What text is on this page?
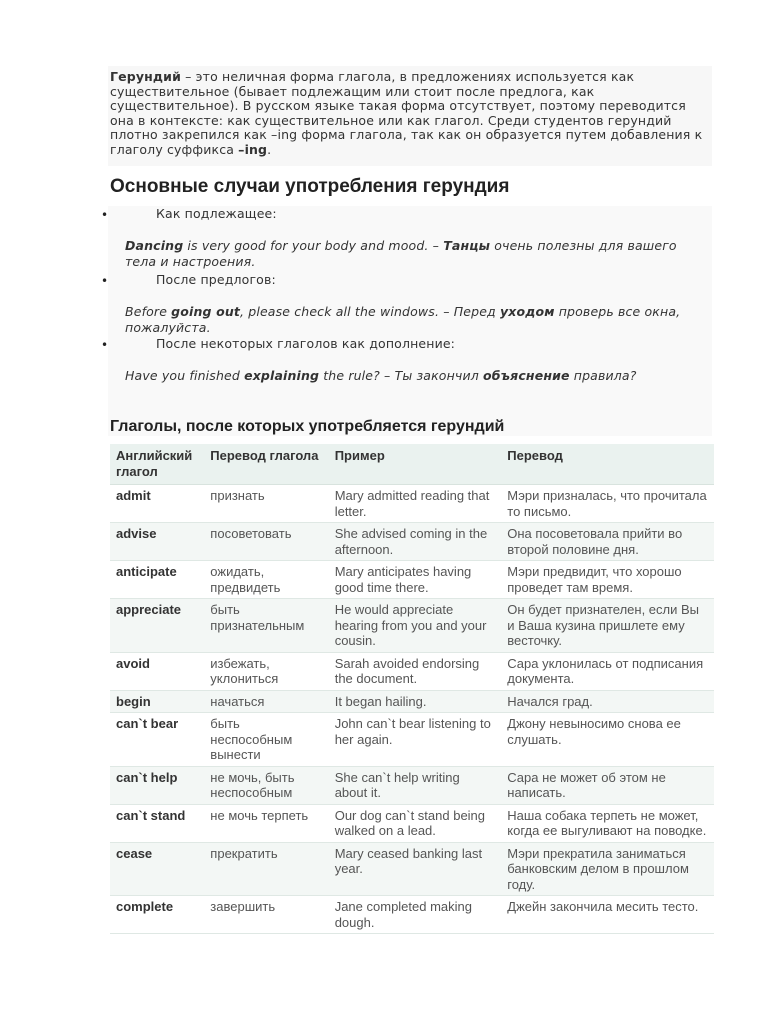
Герундий – это неличная форма глагола, в предложениях используется как существительное (бывает подлежащим или стоит после предлога, как существительное). В русском языке такая форма отсутствует, поэтому переводится она в контексте: как существительное или как глагол. Среди студентов герундий плотно закрепился как –ing форма глагола, так как он образуется путем добавления к глаголу суффикса –ing.

Основные случаи употребления герундия
•	Как подлежащее:
Dancing is very good for your body and mood. – Танцы очень полезны для вашего тела и настроения.
•	После предлогов:
Before going out, please check all the windows. – Перед уходом проверь все окна, пожалуйста.
•	После некоторых глаголов как дополнение:
Have you finished explaining the rule? – Ты закончил объяснение правила?
Глаголы, после которых употребляется герундий
Английский глагол	Перевод глагола	Пример	Перевод
admit	признать	Mary admitted reading that letter.	Мэри призналась, что прочитала то письмо.
advise	посоветовать	She advised coming in the afternoon.	Она посоветовала прийти во второй половине дня.
anticipate	ожидать, предвидеть	Mary anticipates having good time there.	Мэри предвидит, что хорошо проведет там время.
appreciate	быть признательным	He would appreciate hearing from you and your cousin.	Он будет признателен, если Вы и Ваша кузина пришлете ему весточку.
avoid	избежать, уклониться	Sarah avoided endorsing the document.	Сара уклонилась от подписания документа.
begin	начаться	It began hailing.	Начался град.
can`t bear	быть неспособным вынести	John can`t bear listening to her again.	Джону невыносимо снова ее слушать.
can`t help	не мочь, быть неспособным	She can`t help writing about it.	Сара не может об этом не написать.
can`t stand	не мочь терпеть	Our dog can`t stand being walked on a lead.	Наша собака терпеть не может, когда ее выгуливают на поводке.
cease	прекратить	Mary ceased banking last year.	Мэри прекратила заниматься банковским делом в прошлом году.
complete	завершить	Jane completed making dough.	Джейн закончила месить тесто.
